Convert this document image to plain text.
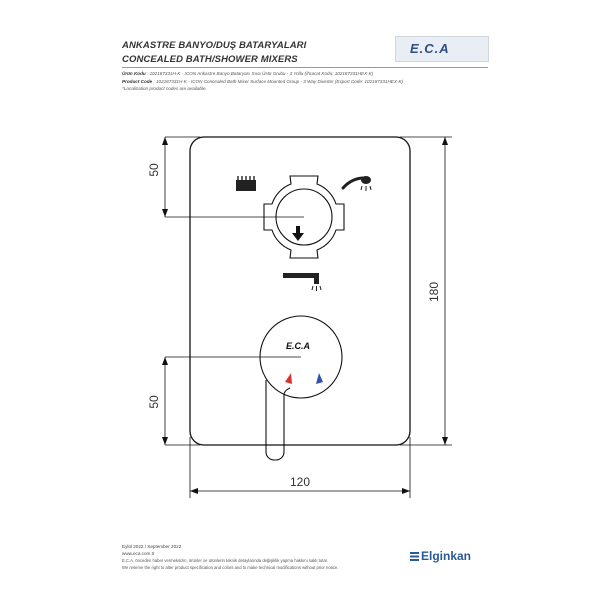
ANKASTRE BANYO/DUŞ BATARYALARI
CONCEALED BATH/SHOWER MIXERS
E.C.A
Ürün Kodu : 102187331H-K - ICON Ankastre Banyo Bataryası Sıva Üstü Grubu - 3 Yollu (İhracat Kodu: 102187331HEX-K)
Product Code : 102187331H-K - ICON Concealed Bath Mixer Surface Mounted Group - 3 Way Diverter (Export Code: 102187331HEX-K)
*Localization product codes are available.
E.C.A
50
50
180
120
Eylül 2022 / September 2022
www.eca.com.tr
E.C.A. önceden haber vermeksizin, ürünler ve ürünlerin teknik detaylarında değişiklik yapma hakkını saklı tutar.
We reserve the right to alter product specification and colors and to make technical modifications without prior notice.
Elginkan
